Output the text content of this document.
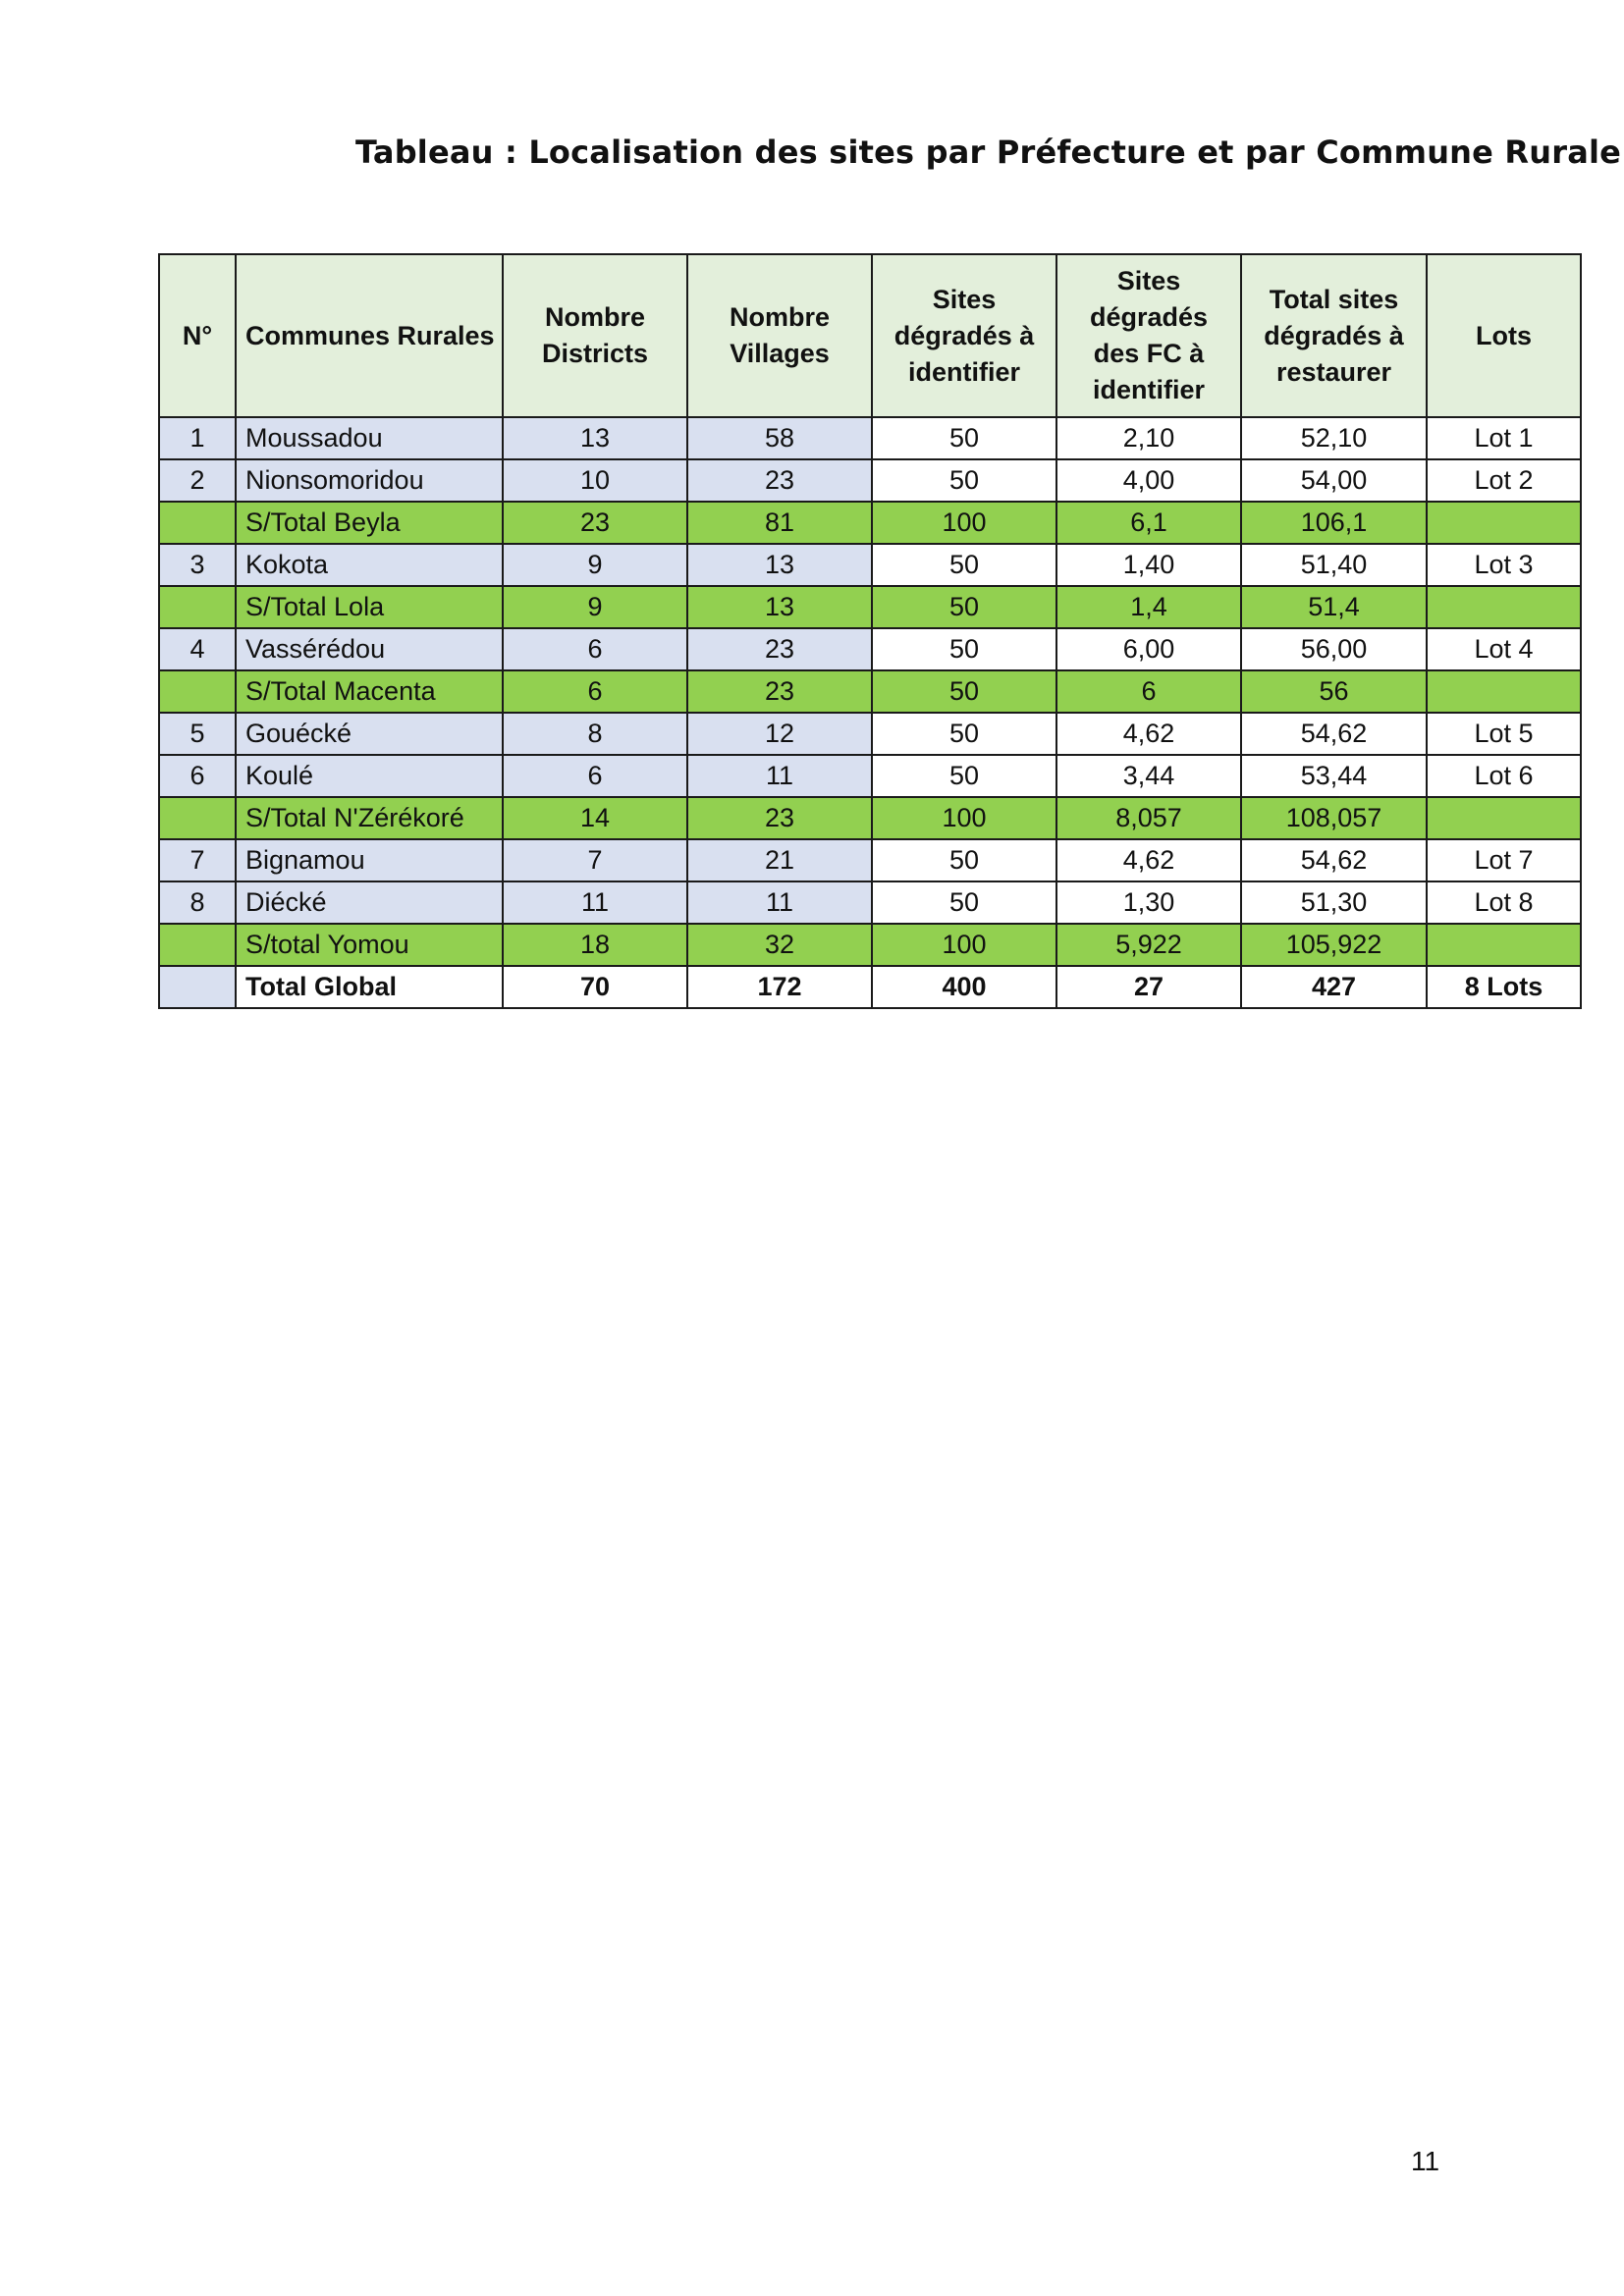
Tableau : Localisation des sites par Préfecture et par Commune Rurale
N°	Communes Rurales	Nombre Districts	Nombre Villages	Sites dégradés à identifier	Sites dégradés des FC à identifier	Total sites dégradés à restaurer	Lots
1	Moussadou	13	58	50	2,10	52,10	Lot 1
2	Nionsomoridou	10	23	50	4,00	54,00	Lot 2
	S/Total Beyla	23	81	100	6,1	106,1	
3	Kokota	9	13	50	1,40	51,40	Lot 3
	S/Total Lola	9	13	50	1,4	51,4	
4	Vassérédou	6	23	50	6,00	56,00	Lot 4
	S/Total Macenta	6	23	50	6	56	
5	Gouécké	8	12	50	4,62	54,62	Lot 5
6	Koulé	6	11	50	3,44	53,44	Lot 6
	S/Total N'Zérékoré	14	23	100	8,057	108,057	
7	Bignamou	7	21	50	4,62	54,62	Lot 7
8	Diécké	11	11	50	1,30	51,30	Lot 8
	S/total Yomou	18	32	100	5,922	105,922	
	Total Global	70	172	400	27	427	8 Lots
11
